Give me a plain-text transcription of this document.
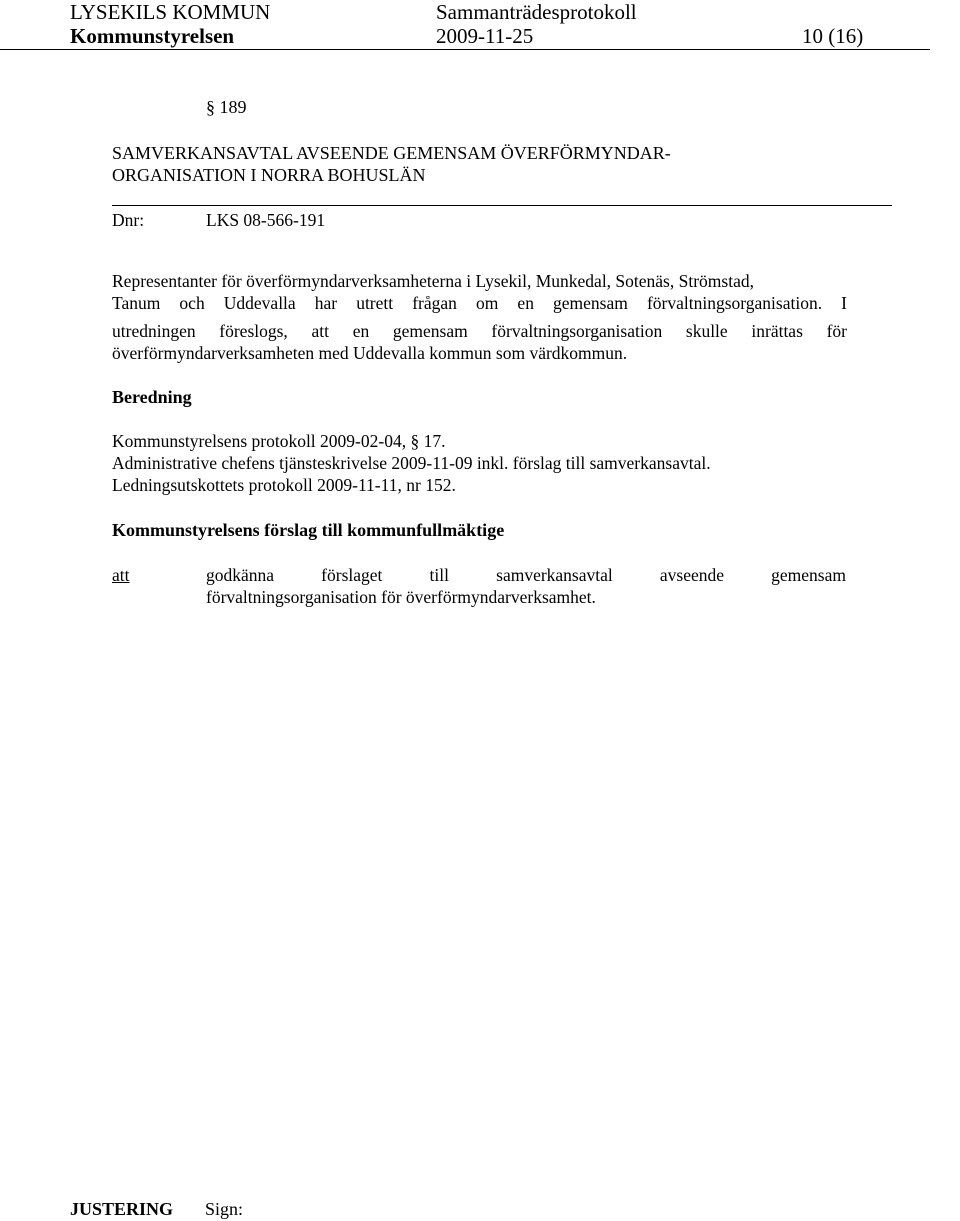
LYSEKILS KOMMUN	Sammanträdesprotokoll
Kommunstyrelsen	2009-11-25	10 (16)
§ 189
SAMVERKANSAVTAL AVSEENDE GEMENSAM ÖVERFÖRMYNDAR-
ORGANISATION I NORRA BOHUSLÄN
Dnr:	LKS 08-566-191
Representanter för överförmyndarverksamheterna i Lysekil, Munkedal, Sotenäs, Strömstad,
Tanum och Uddevalla har utrett frågan om en gemensam förvaltningsorganisation. I
utredningen föreslogs, att en gemensam förvaltningsorganisation skulle inrättas för
överförmyndarverksamheten med Uddevalla kommun som värdkommun.
Beredning
Kommunstyrelsens protokoll 2009-02-04, § 17.
Administrative chefens tjänsteskrivelse 2009-11-09 inkl. förslag till samverkansavtal.
Ledningsutskottets protokoll 2009-11-11, nr 152.
Kommunstyrelsens förslag till kommunfullmäktige
att	godkänna förslaget till samverkansavtal avseende gemensam
förvaltningsorganisation för överförmyndarverksamhet.
JUSTERING Sign:
